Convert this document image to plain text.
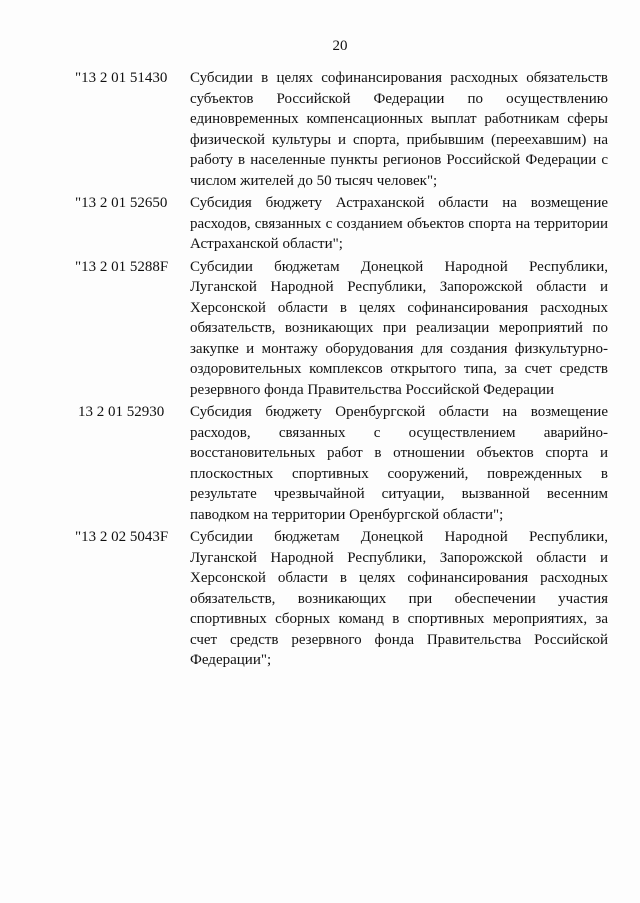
20
"13 2 01 51430 Субсидии в целях софинансирования расходных обязательств субъектов Российской Федерации по осуществлению единовременных компенсационных выплат работникам сферы физической культуры и спорта, прибывшим (переехавшим) на работу в населенные пункты регионов Российской Федерации с числом жителей до 50 тысяч человек";
"13 2 01 52650 Субсидия бюджету Астраханской области на возмещение расходов, связанных с созданием объектов спорта на территории Астраханской области";
"13 2 01 5288F Субсидии бюджетам Донецкой Народной Республики, Луганской Народной Республики, Запорожской области и Херсонской области в целях софинансирования расходных обязательств, возникающих при реализации мероприятий по закупке и монтажу оборудования для создания физкультурно-оздоровительных комплексов открытого типа, за счет средств резервного фонда Правительства Российской Федерации
13 2 01 52930 Субсидия бюджету Оренбургской области на возмещение расходов, связанных с осуществлением аварийно-восстановительных работ в отношении объектов спорта и плоскостных спортивных сооружений, поврежденных в результате чрезвычайной ситуации, вызванной весенним паводком на территории Оренбургской области";
"13 2 02 5043F Субсидии бюджетам Донецкой Народной Республики, Луганской Народной Республики, Запорожской области и Херсонской области в целях софинансирования расходных обязательств, возникающих при обеспечении участия спортивных сборных команд в спортивных мероприятиях, за счет средств резервного фонда Правительства Российской Федерации";
